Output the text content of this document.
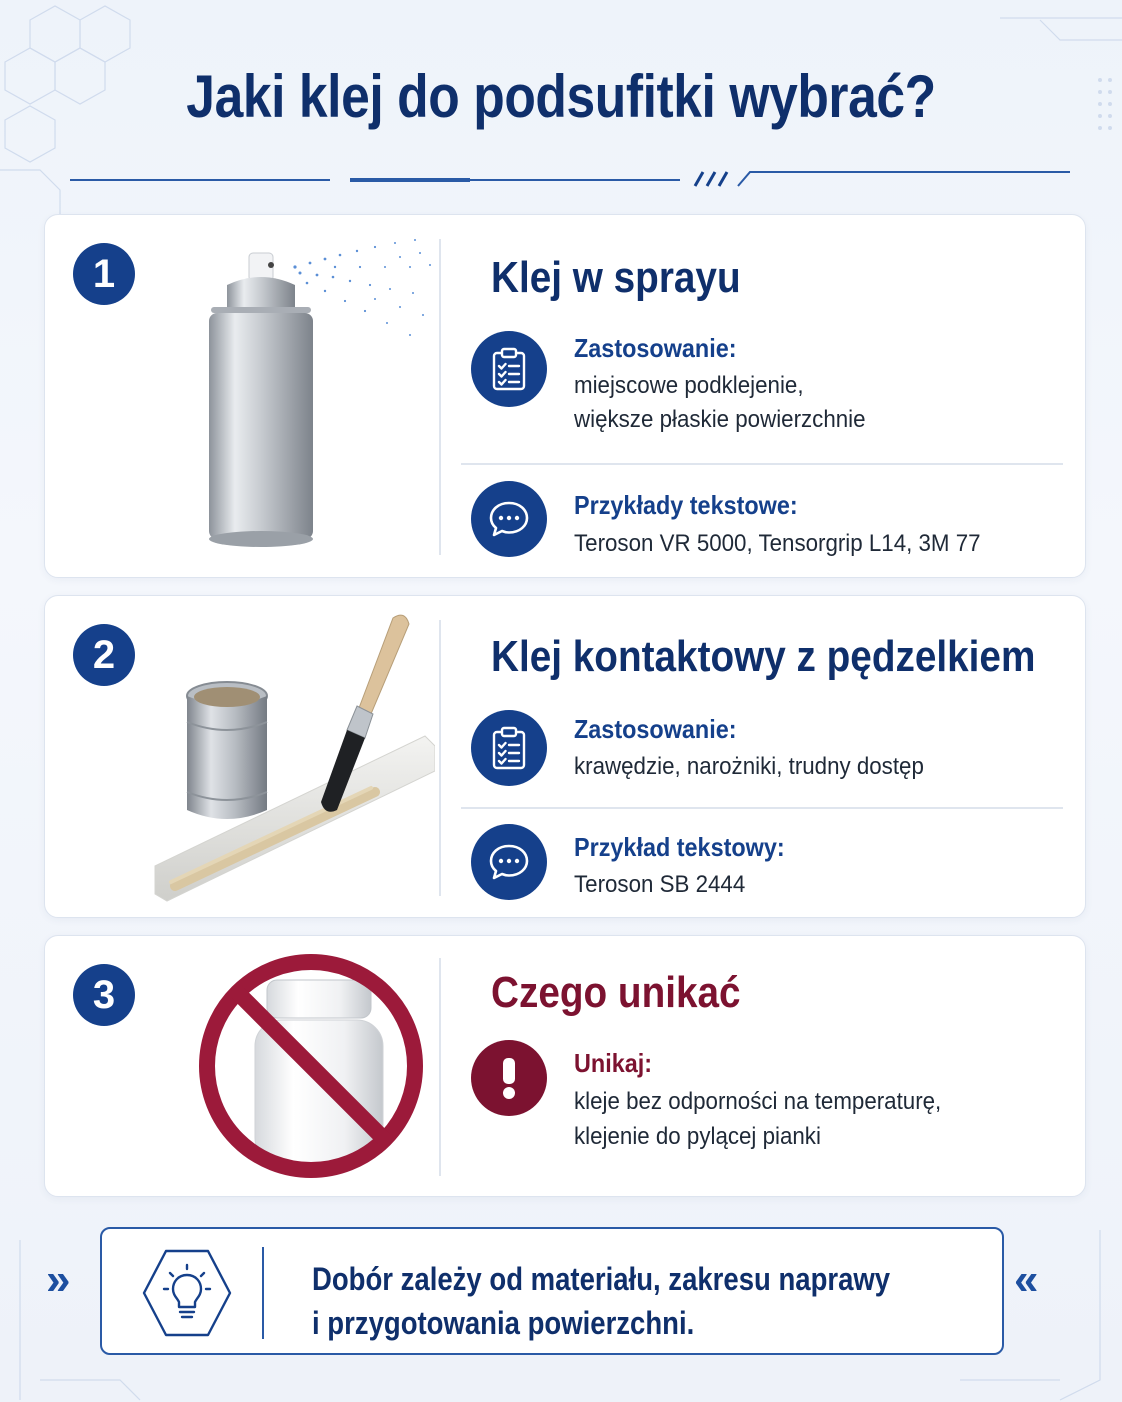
Jaki klej do podsufitki wybrać?
1	Klej w sprayu
Zastosowanie:
miejscowe podklejenie,
większe płaskie powierzchnie
Przykłady tekstowe:
Teroson VR 5000, Tensorgrip L14, 3M 77
2	Klej kontaktowy z pędzelkiem
Zastosowanie:
krawędzie, narożniki, trudny dostęp
Przykład tekstowy:
Teroson SB 2444
3	Czego unikać
Unikaj:
kleje bez odporności na temperaturę,
klejenie do pylącej pianki
»	«
Dobór zależy od materiału, zakresu naprawy
i przygotowania powierzchni.
